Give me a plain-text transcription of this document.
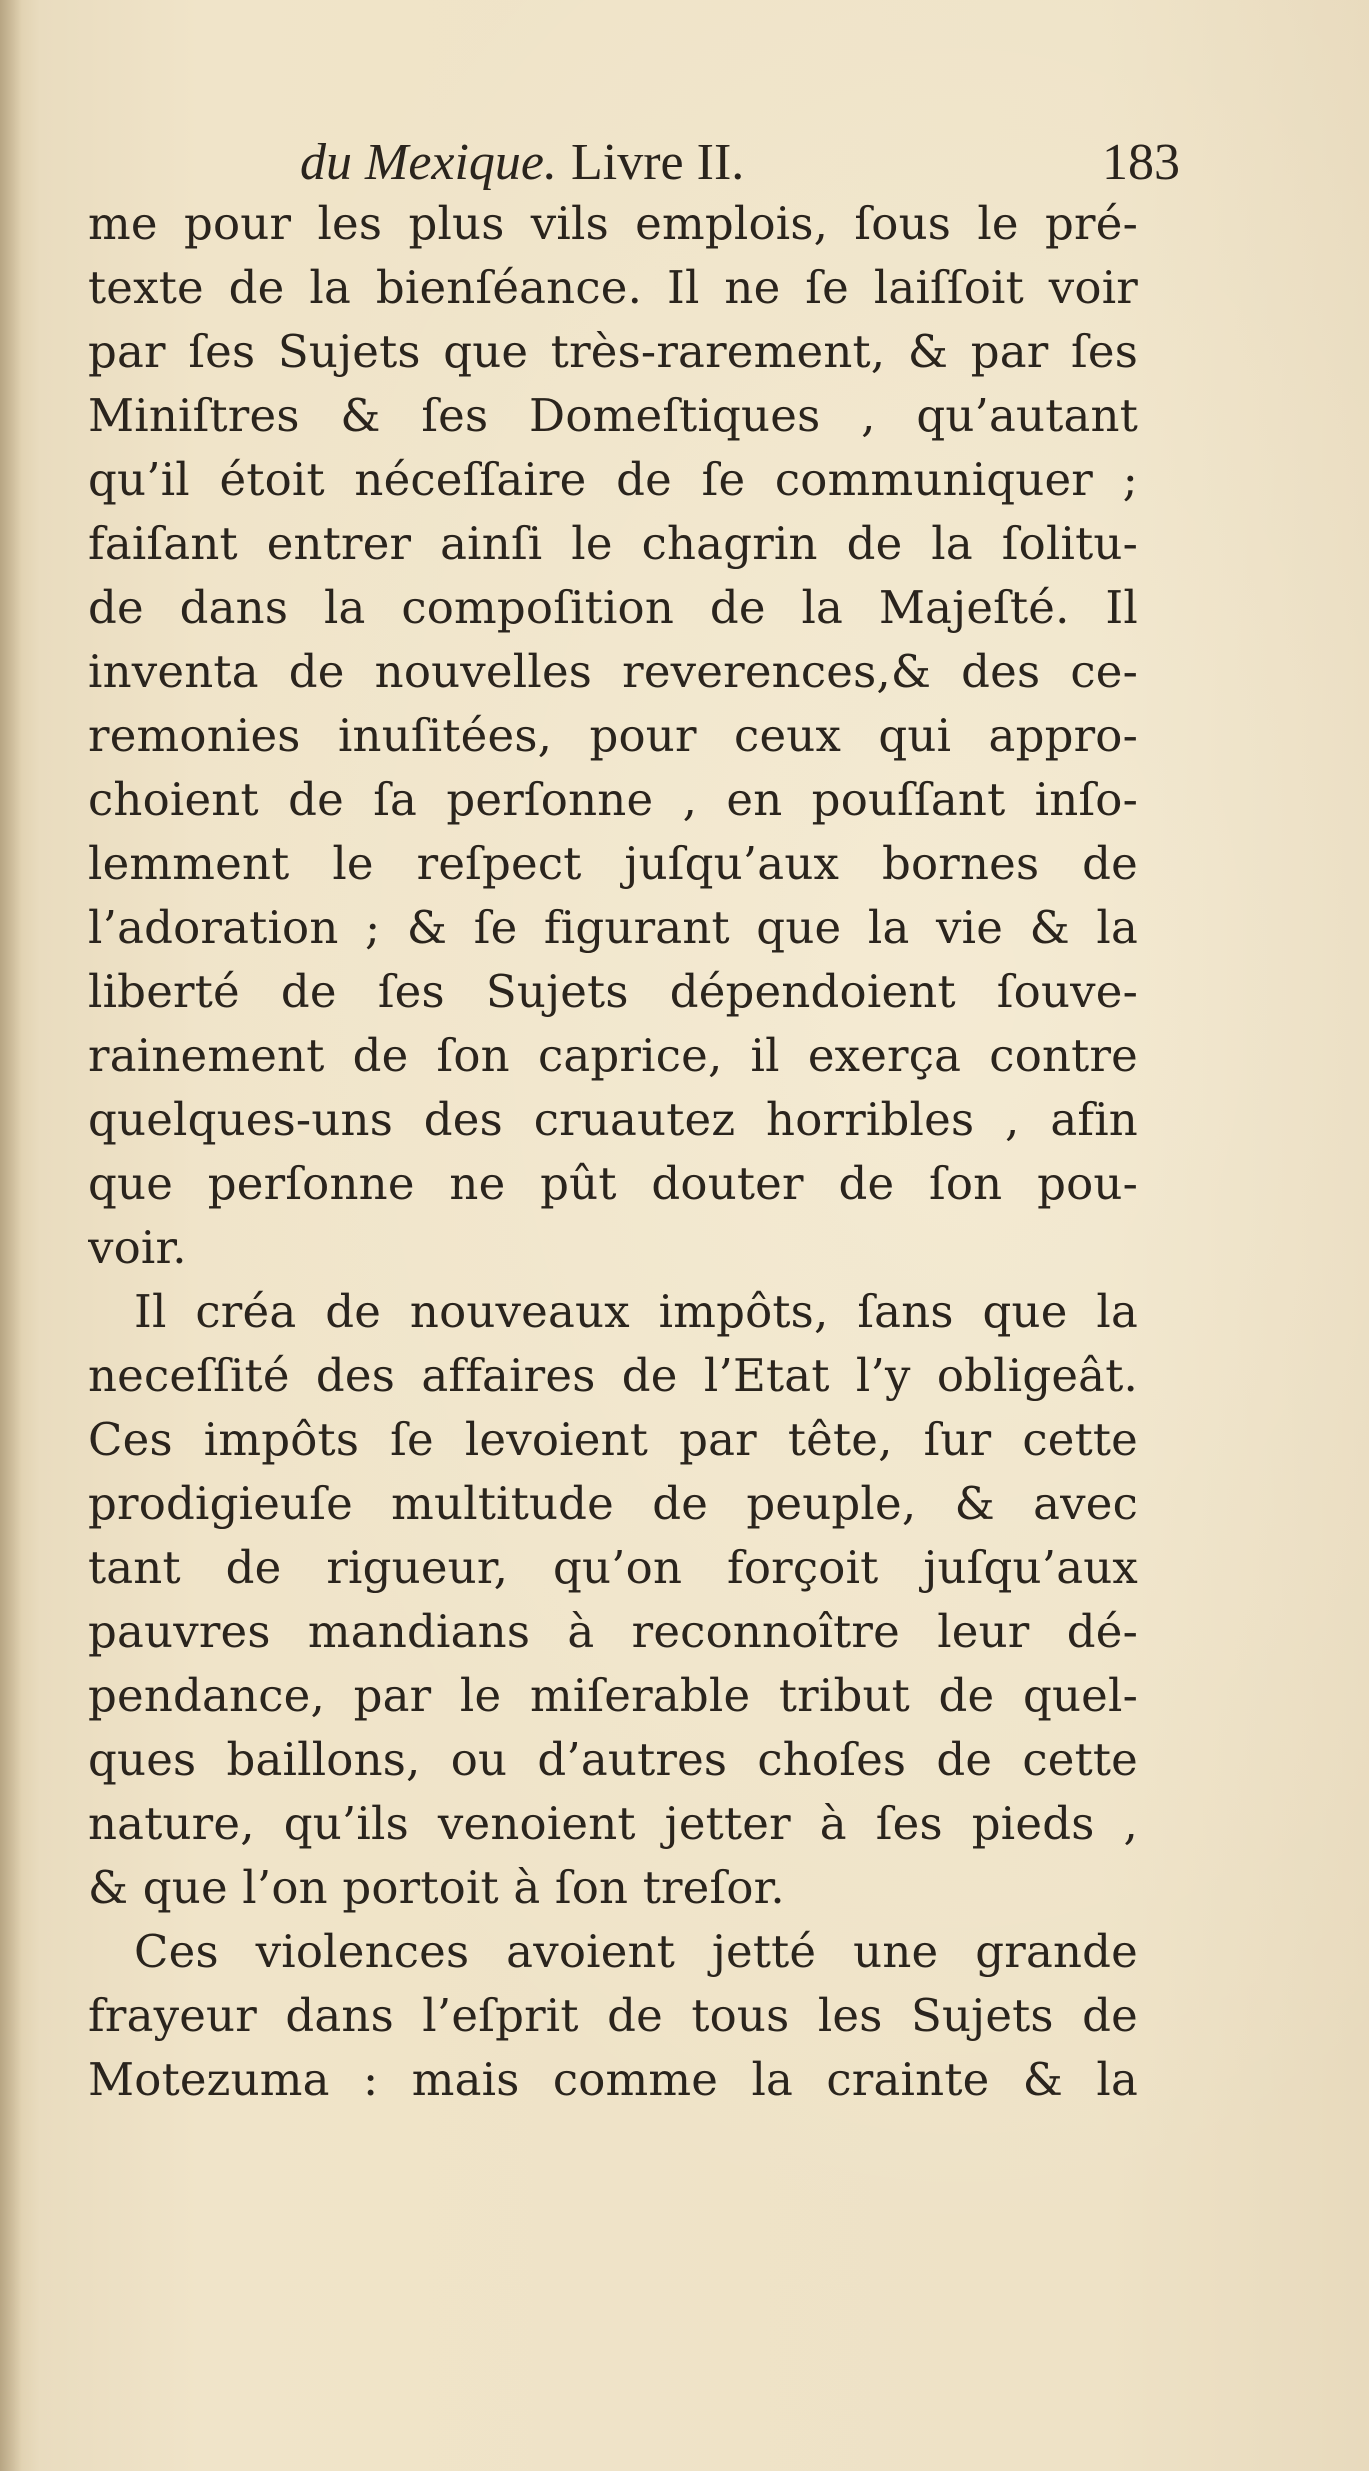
du Mexique. Livre II.	183
me pour les plus vils emplois, ſous le pré-
texte de la bienſéance. Il ne ſe laiſſoit voir
par ſes Sujets que très-rarement, & par ſes
Miniſtres & ſes Domeſtiques , qu’autant
qu’il étoit néceſſaire de ſe communiquer ;
faiſant entrer ainſi le chagrin de la ſolitu-
de dans la compoſition de la Majeſté. Il
inventa de nouvelles reverences,& des ce-
remonies inuſitées, pour ceux qui appro-
choient de ſa perſonne , en pouſſant inſo-
lemment le reſpect juſqu’aux bornes de
l’adoration ; & ſe figurant que la vie & la
liberté de ſes Sujets dépendoient ſouve-
rainement de ſon caprice, il exerça contre
quelques-uns des cruautez horribles , afin
que perſonne ne pût douter de ſon pou-
voir.
Il créa de nouveaux impôts, ſans que la
neceſſité des affaires de l’Etat l’y obligeât.
Ces impôts ſe levoient par tête, ſur cette
prodigieuſe multitude de peuple, & avec
tant de rigueur, qu’on forçoit juſqu’aux
pauvres mandians à reconnoître leur dé-
pendance, par le miſerable tribut de quel-
ques baillons, ou d’autres choſes de cette
nature, qu’ils venoient jetter à ſes pieds ,
& que l’on portoit à ſon treſor.
Ces violences avoient jetté une grande
frayeur dans l’eſprit de tous les Sujets de
Motezuma : mais comme la crainte & la
